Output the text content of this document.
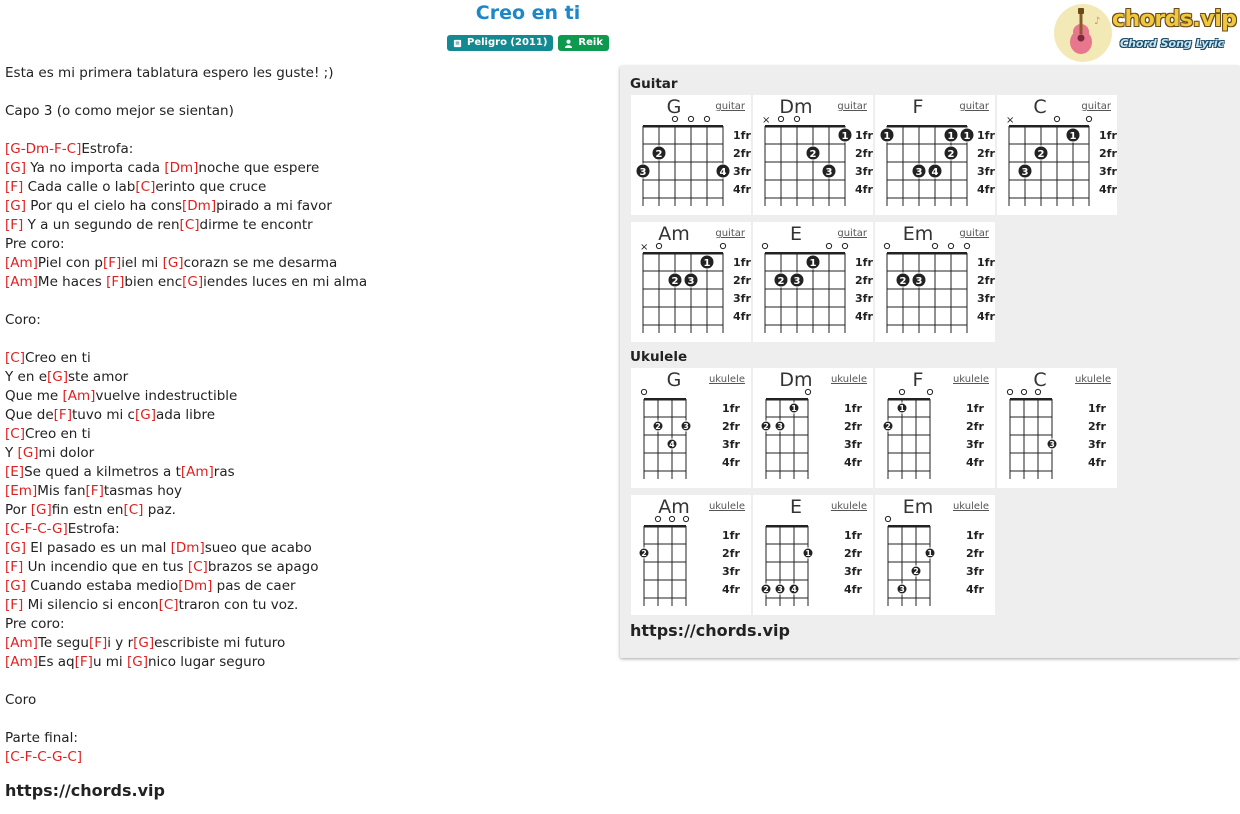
Creo en ti
Peligro (2011)	Reik
♪ chords.vip
Chord Song Lyric
Esta es mi primera tablatura espero les guste! ;)
Capo 3 (o como mejor se sientan)
[G-Dm-F-C]Estrofa:
[G] Ya no importa cada [Dm]noche que espere
[F] Cada calle o lab[C]erinto que cruce
[G] Por qu el cielo ha cons[Dm]pirado a mi favor
[F] Y a un segundo de ren[C]dirme te encontr
Pre coro:
[Am]Piel con p[F]iel mi [G]corazn se me desarma
[Am]Me haces [F]bien enc[G]iendes luces en mi alma
Coro:
[C]Creo en ti
Y en e[G]ste amor
Que me [Am]vuelve indestructible
Que de[F]tuvo mi c[G]ada libre
[C]Creo en ti
Y [G]mi dolor
[E]Se qued a kilmetros a t[Am]ras
[Em]Mis fan[F]tasmas hoy
Por [G]fin estn en[C] paz.
[C-F-C-G]Estrofa:
[G] El pasado es un mal [Dm]sueo que acabo
[F] Un incendio que en tus [C]brazos se apago
[G] Cuando estaba medio[Dm] pas de caer
[F] Mi silencio si encon[C]traron con tu voz.
Pre coro:
[Am]Te segu[F]i y r[G]escribiste mi futuro
[Am]Es aq[F]u mi [G]nico lugar seguro
Coro
Parte final:
[C-F-C-G-C]
https://chords.vip
Guitar
Ukulele
https://chords.vip
1fr
2fr
3fr
4fr
3
2
4
G	guitar
1fr
2fr
3fr
4fr
×
2
3
1
Dm	guitar
1fr
2fr
3fr
4fr
1
3 4
2
1 1
F	guitar
1fr
2fr
3fr
4fr
×
3
2
1
C	guitar
1fr
2fr
3fr
4fr
×
2 3
1
Am	guitar
1fr
2fr
3fr
4fr
2 3
1
E	guitar
1fr
2fr
3fr
4fr
2 3
Em	guitar
1fr
2fr
3fr
4fr
2	3
4
G	ukulele
1fr
2fr
3fr
4fr
2 3
1
Dm	ukulele
1fr
2fr
3fr
4fr
2
1
F	ukulele
1fr
2fr
3fr
4fr
3
C	ukulele
1fr
2fr
3fr
4fr
2
Am	ukulele
1fr
2fr
3fr
4fr
2 3 4
1
E	ukulele
1fr
2fr
3fr
4fr
3
2
1
Em	ukulele
